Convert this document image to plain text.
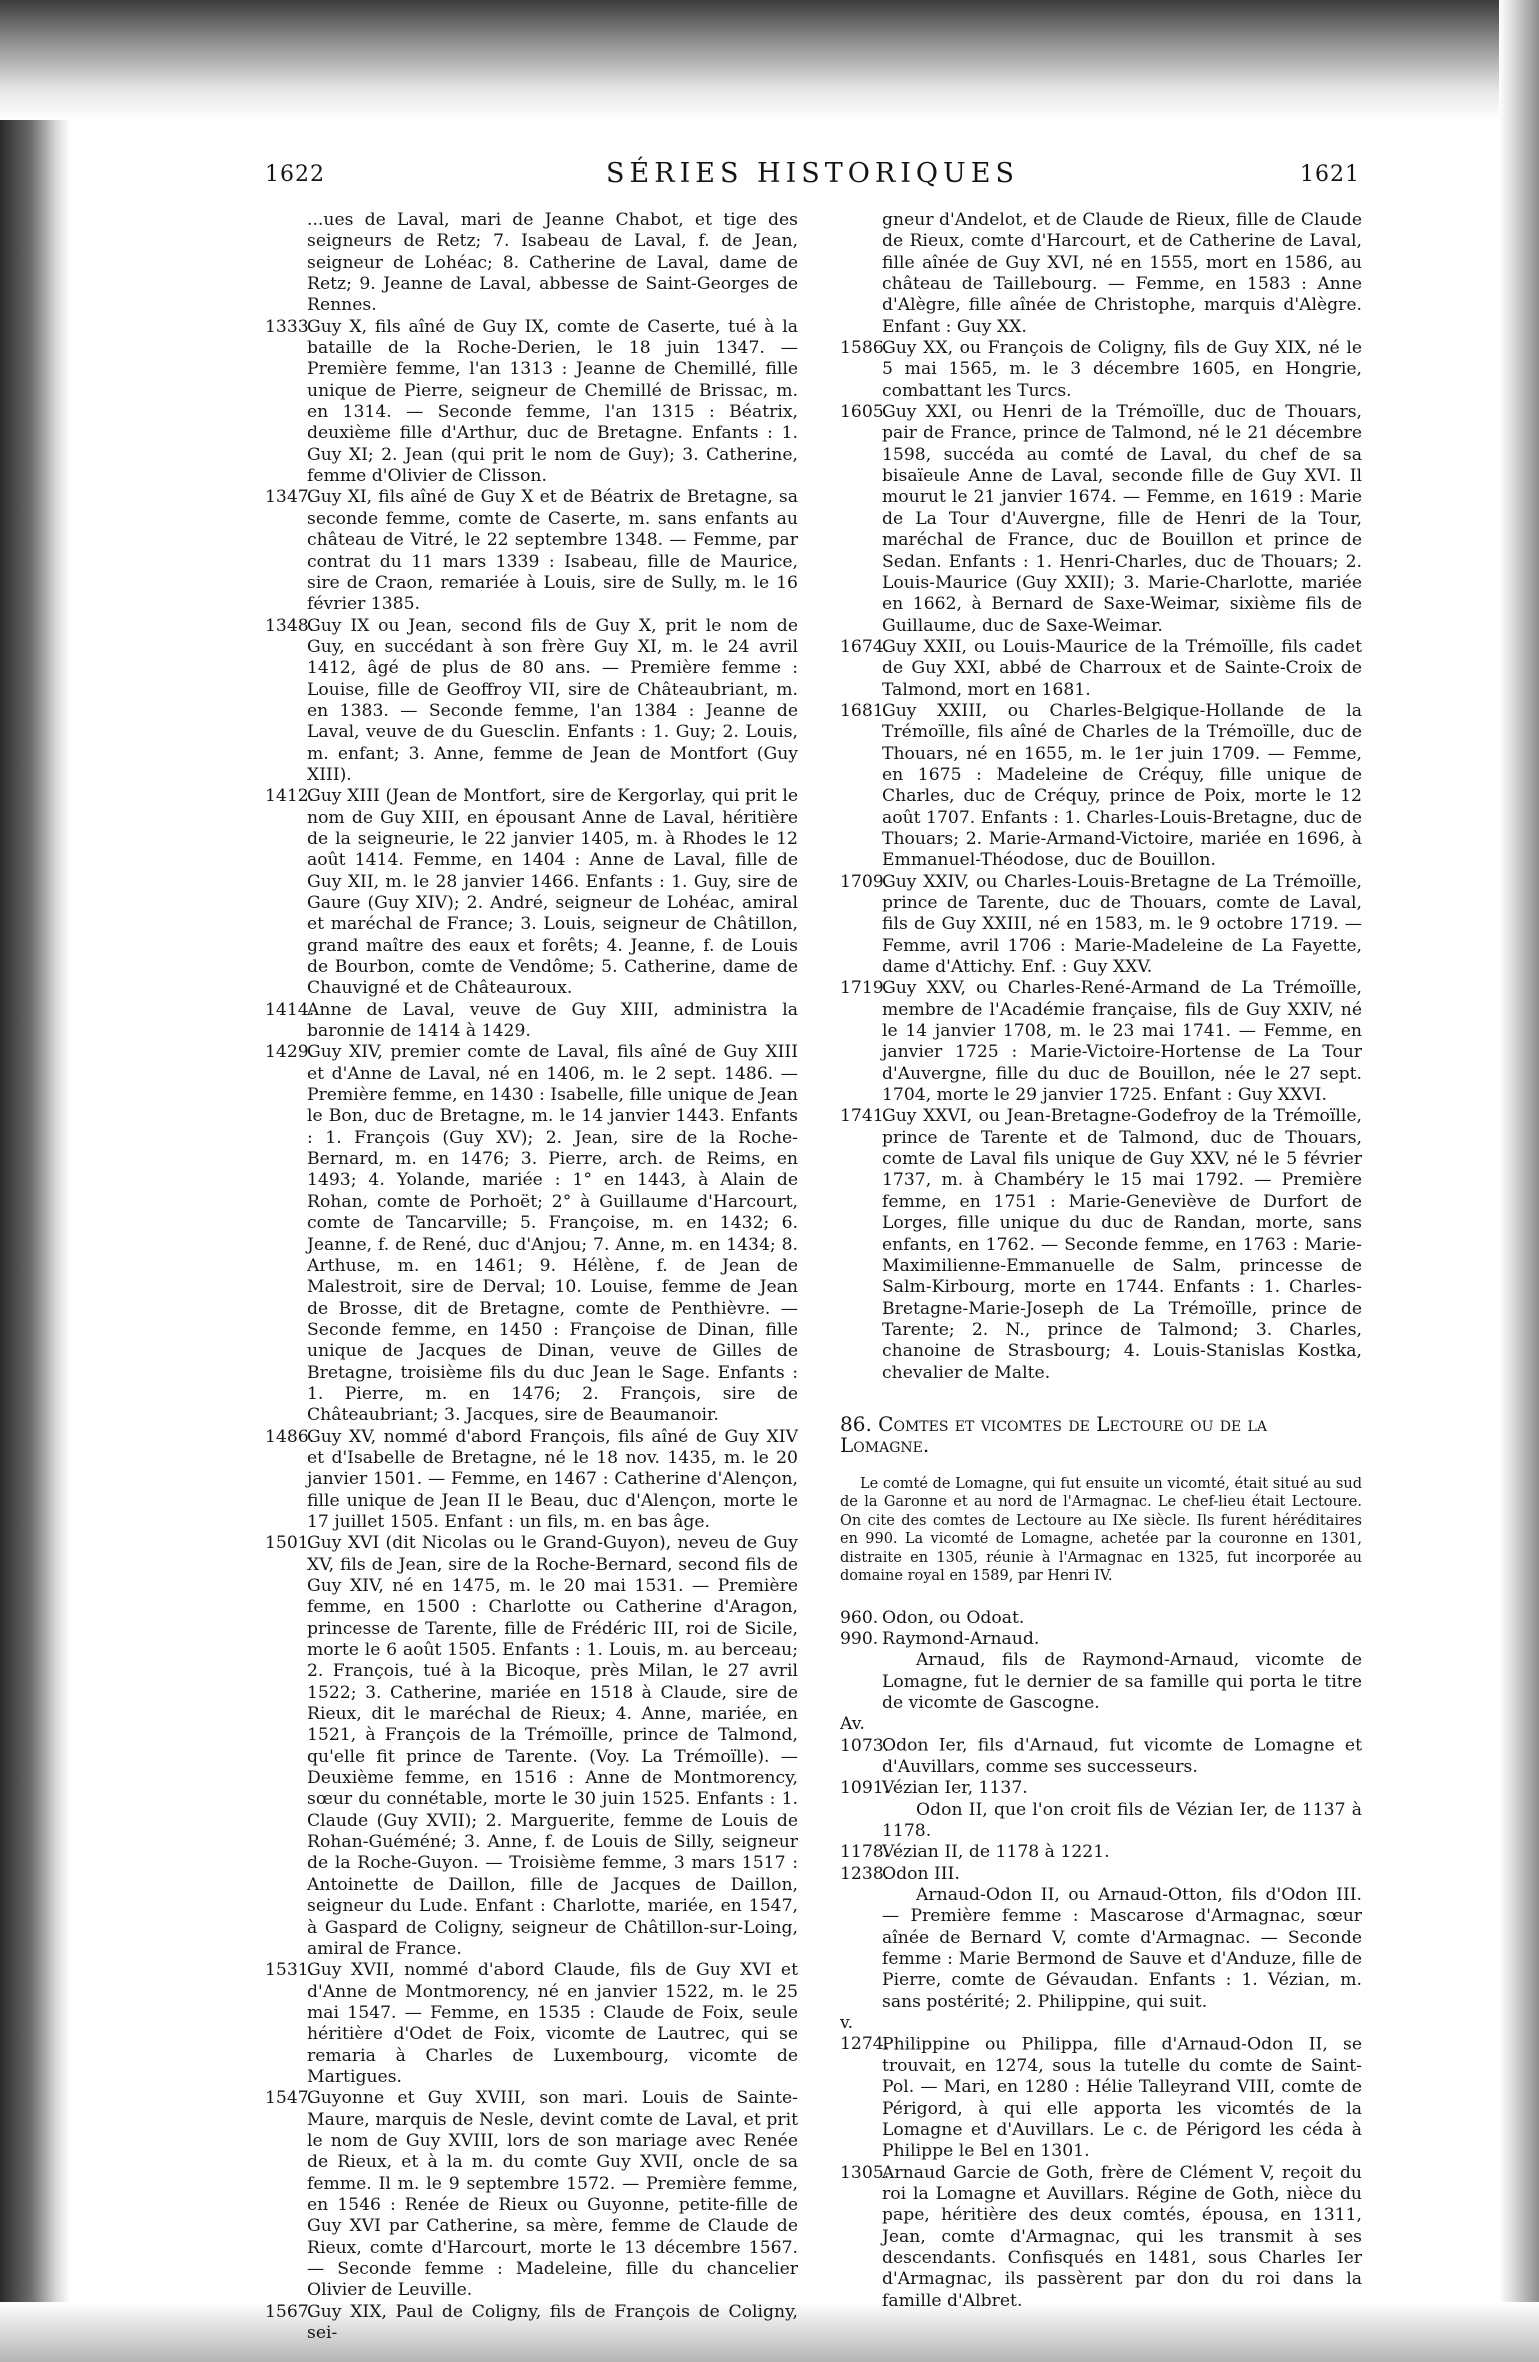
1622	SÉRIES HISTORIQUES	1621

...ues de Laval, mari de Jeanne Chabot, et tige des seigneurs de Retz; 7. Isabeau de Laval, f. de Jean, seigneur de Lohéac; 8. Catherine de Laval, dame de Retz; 9. Jeanne de Laval, abbesse de Saint-Georges de Rennes.

1333.Guy X, fils aîné de Guy IX, comte de Caserte, tué à la bataille de la Roche-Derien, le 18 juin 1347. — Première femme, l'an 1313 : Jeanne de Chemillé, fille unique de Pierre, seigneur de Chemillé de Brissac, m. en 1314. — Seconde femme, l'an 1315 : Béatrix, deuxième fille d'Arthur, duc de Bretagne. Enfants : 1. Guy XI; 2. Jean (qui prit le nom de Guy); 3. Catherine, femme d'Olivier de Clisson.

1347.Guy XI, fils aîné de Guy X et de Béatrix de Bretagne, sa seconde femme, comte de Caserte, m. sans enfants au château de Vitré, le 22 septembre 1348. — Femme, par contrat du 11 mars 1339 : Isabeau, fille de Maurice, sire de Craon, remariée à Louis, sire de Sully, m. le 16 février 1385.

1348.Guy IX ou Jean, second fils de Guy X, prit le nom de Guy, en succédant à son frère Guy XI, m. le 24 avril 1412, âgé de plus de 80 ans. — Première femme : Louise, fille de Geoffroy VII, sire de Châteaubriant, m. en 1383. — Seconde femme, l'an 1384 : Jeanne de Laval, veuve de du Guesclin. Enfants : 1. Guy; 2. Louis, m. enfant; 3. Anne, femme de Jean de Montfort (Guy XIII).

1412.Guy XIII (Jean de Montfort, sire de Kergorlay, qui prit le nom de Guy XIII, en épousant Anne de Laval, héritière de la seigneurie, le 22 janvier 1405, m. à Rhodes le 12 août 1414. Femme, en 1404 : Anne de Laval, fille de Guy XII, m. le 28 janvier 1466. Enfants : 1. Guy, sire de Gaure (Guy XIV); 2. André, seigneur de Lohéac, amiral et maréchal de France; 3. Louis, seigneur de Châtillon, grand maître des eaux et forêts; 4. Jeanne, f. de Louis de Bourbon, comte de Vendôme; 5. Catherine, dame de Chauvigné et de Châteauroux.

1414.Anne de Laval, veuve de Guy XIII, administra la baronnie de 1414 à 1429.

1429.Guy XIV, premier comte de Laval, fils aîné de Guy XIII et d'Anne de Laval, né en 1406, m. le 2 sept. 1486. — Première femme, en 1430 : Isabelle, fille unique de Jean le Bon, duc de Bretagne, m. le 14 janvier 1443. Enfants : 1. François (Guy XV); 2. Jean, sire de la Roche-Bernard, m. en 1476; 3. Pierre, arch. de Reims, en 1493; 4. Yolande, mariée : 1° en 1443, à Alain de Rohan, comte de Porhoët; 2° à Guillaume d'Harcourt, comte de Tancarville; 5. Françoise, m. en 1432; 6. Jeanne, f. de René, duc d'Anjou; 7. Anne, m. en 1434; 8. Arthuse, m. en 1461; 9. Hélène, f. de Jean de Malestroit, sire de Derval; 10. Louise, femme de Jean de Brosse, dit de Bretagne, comte de Penthièvre. — Seconde femme, en 1450 : Françoise de Dinan, fille unique de Jacques de Dinan, veuve de Gilles de Bretagne, troisième fils du duc Jean le Sage. Enfants : 1. Pierre, m. en 1476; 2. François, sire de Châteaubriant; 3. Jacques, sire de Beaumanoir.

1486.Guy XV, nommé d'abord François, fils aîné de Guy XIV et d'Isabelle de Bretagne, né le 18 nov. 1435, m. le 20 janvier 1501. — Femme, en 1467 : Catherine d'Alençon, fille unique de Jean II le Beau, duc d'Alençon, morte le 17 juillet 1505. Enfant : un fils, m. en bas âge.

1501.Guy XVI (dit Nicolas ou le Grand-Guyon), neveu de Guy XV, fils de Jean, sire de la Roche-Bernard, second fils de Guy XIV, né en 1475, m. le 20 mai 1531. — Première femme, en 1500 : Charlotte ou Catherine d'Aragon, princesse de Tarente, fille de Frédéric III, roi de Sicile, morte le 6 août 1505. Enfants : 1. Louis, m. au berceau; 2. François, tué à la Bicoque, près Milan, le 27 avril 1522; 3. Catherine, mariée en 1518 à Claude, sire de Rieux, dit le maréchal de Rieux; 4. Anne, mariée, en 1521, à François de la Trémoïlle, prince de Talmond, qu'elle fit prince de Tarente. (Voy. La Trémoïlle). — Deuxième femme, en 1516 : Anne de Montmorency, sœur du connétable, morte le 30 juin 1525. Enfants : 1. Claude (Guy XVII); 2. Marguerite, femme de Louis de Rohan-Guéméné; 3. Anne, f. de Louis de Silly, seigneur de la Roche-Guyon. — Troisième femme, 3 mars 1517 : Antoinette de Daillon, fille de Jacques de Daillon, seigneur du Lude. Enfant : Charlotte, mariée, en 1547, à Gaspard de Coligny, seigneur de Châtillon-sur-Loing, amiral de France.

1531.Guy XVII, nommé d'abord Claude, fils de Guy XVI et d'Anne de Montmorency, né en janvier 1522, m. le 25 mai 1547. — Femme, en 1535 : Claude de Foix, seule héritière d'Odet de Foix, vicomte de Lautrec, qui se remaria à Charles de Luxembourg, vicomte de Martigues.

1547.Guyonne et Guy XVIII, son mari. Louis de Sainte-Maure, marquis de Nesle, devint comte de Laval, et prit le nom de Guy XVIII, lors de son mariage avec Renée de Rieux, et à la m. du comte Guy XVII, oncle de sa femme. Il m. le 9 septembre 1572. — Première femme, en 1546 : Renée de Rieux ou Guyonne, petite-fille de Guy XVI par Catherine, sa mère, femme de Claude de Rieux, comte d'Harcourt, morte le 13 décembre 1567. — Seconde femme : Madeleine, fille du chancelier Olivier de Leuville.

1567.Guy XIX, Paul de Coligny, fils de François de Coligny, sei-

gneur d'Andelot, et de Claude de Rieux, fille de Claude de Rieux, comte d'Harcourt, et de Catherine de Laval, fille aînée de Guy XVI, né en 1555, mort en 1586, au château de Taillebourg. — Femme, en 1583 : Anne d'Alègre, fille aînée de Christophe, marquis d'Alègre. Enfant : Guy XX.

1586.Guy XX, ou François de Coligny, fils de Guy XIX, né le 5 mai 1565, m. le 3 décembre 1605, en Hongrie, combattant les Turcs.

1605.Guy XXI, ou Henri de la Trémoïlle, duc de Thouars, pair de France, prince de Talmond, né le 21 décembre 1598, succéda au comté de Laval, du chef de sa bisaïeule Anne de Laval, seconde fille de Guy XVI. Il mourut le 21 janvier 1674. — Femme, en 1619 : Marie de La Tour d'Auvergne, fille de Henri de la Tour, maréchal de France, duc de Bouillon et prince de Sedan. Enfants : 1. Henri-Charles, duc de Thouars; 2. Louis-Maurice (Guy XXII); 3. Marie-Charlotte, mariée en 1662, à Bernard de Saxe-Weimar, sixième fils de Guillaume, duc de Saxe-Weimar.

1674.Guy XXII, ou Louis-Maurice de la Trémoïlle, fils cadet de Guy XXI, abbé de Charroux et de Sainte-Croix de Talmond, mort en 1681.

1681.Guy XXIII, ou Charles-Belgique-Hollande de la Trémoïlle, fils aîné de Charles de la Trémoïlle, duc de Thouars, né en 1655, m. le 1er juin 1709. — Femme, en 1675 : Madeleine de Créquy, fille unique de Charles, duc de Créquy, prince de Poix, morte le 12 août 1707. Enfants : 1. Charles-Louis-Bretagne, duc de Thouars; 2. Marie-Armand-Victoire, mariée en 1696, à Emmanuel-Théodose, duc de Bouillon.

1709.Guy XXIV, ou Charles-Louis-Bretagne de La Trémoïlle, prince de Tarente, duc de Thouars, comte de Laval, fils de Guy XXIII, né en 1583, m. le 9 octobre 1719. — Femme, avril 1706 : Marie-Madeleine de La Fayette, dame d'Attichy. Enf. : Guy XXV.

1719.Guy XXV, ou Charles-René-Armand de La Trémoïlle, membre de l'Académie française, fils de Guy XXIV, né le 14 janvier 1708, m. le 23 mai 1741. — Femme, en janvier 1725 : Marie-Victoire-Hortense de La Tour d'Auvergne, fille du duc de Bouillon, née le 27 sept. 1704, morte le 29 janvier 1725. Enfant : Guy XXVI.

1741.Guy XXVI, ou Jean-Bretagne-Godefroy de la Trémoïlle, prince de Tarente et de Talmond, duc de Thouars, comte de Laval fils unique de Guy XXV, né le 5 février 1737, m. à Chambéry le 15 mai 1792. — Première femme, en 1751 : Marie-Geneviève de Durfort de Lorges, fille unique du duc de Randan, morte, sans enfants, en 1762. — Seconde femme, en 1763 : Marie-Maximilienne-Emmanuelle de Salm, princesse de Salm-Kirbourg, morte en 1744. Enfants : 1. Charles-Bretagne-Marie-Joseph de La Trémoïlle, prince de Tarente; 2. N., prince de Talmond; 3. Charles, chanoine de Strasbourg; 4. Louis-Stanislas Kostka, chevalier de Malte.

86. Comtes et vicomtes de Lectoure ou de la Lomagne.

Le comté de Lomagne, qui fut ensuite un vicomté, était situé au sud de la Garonne et au nord de l'Armagnac. Le chef-lieu était Lectoure. On cite des comtes de Lectoure au IXe siècle. Ils furent héréditaires en 990. La vicomté de Lomagne, achetée par la couronne en 1301, distraite en 1305, réunie à l'Armagnac en 1325, fut incorporée au domaine royal en 1589, par Henri IV.

960. Odon, ou Odoat.

990. Raymond-Arnaud.

Arnaud, fils de Raymond-Arnaud, vicomte de Lomagne, fut le dernier de sa famille qui porta le titre de vicomte de Gascogne.

Av. 1073.Odon Ier, fils d'Arnaud, fut vicomte de Lomagne et d'Auvillars, comme ses successeurs.

1091.Vézian Ier, 1137.

Odon II, que l'on croit fils de Vézian Ier, de 1137 à 1178.

1178.Vézian II, de 1178 à 1221.

1238.Odon III.

Arnaud-Odon II, ou Arnaud-Otton, fils d'Odon III. — Première femme : Mascarose d'Armagnac, sœur aînée de Bernard V, comte d'Armagnac. — Seconde femme : Marie Bermond de Sauve et d'Anduze, fille de Pierre, comte de Gévaudan. Enfants : 1. Vézian, m. sans postérité; 2. Philippine, qui suit.

v. 1274.Philippine ou Philippa, fille d'Arnaud-Odon II, se trouvait, en 1274, sous la tutelle du comte de Saint-Pol. — Mari, en 1280 : Hélie Talleyrand VIII, comte de Périgord, à qui elle apporta les vicomtés de la Lomagne et d'Auvillars. Le c. de Périgord les céda à Philippe le Bel en 1301.

1305.Arnaud Garcie de Goth, frère de Clément V, reçoit du roi la Lomagne et Auvillars. Régine de Goth, nièce du pape, héritière des deux comtés, épousa, en 1311, Jean, comte d'Armagnac, qui les transmit à ses descendants. Confisqués en 1481, sous Charles Ier d'Armagnac, ils passèrent par don du roi dans la famille d'Albret.
